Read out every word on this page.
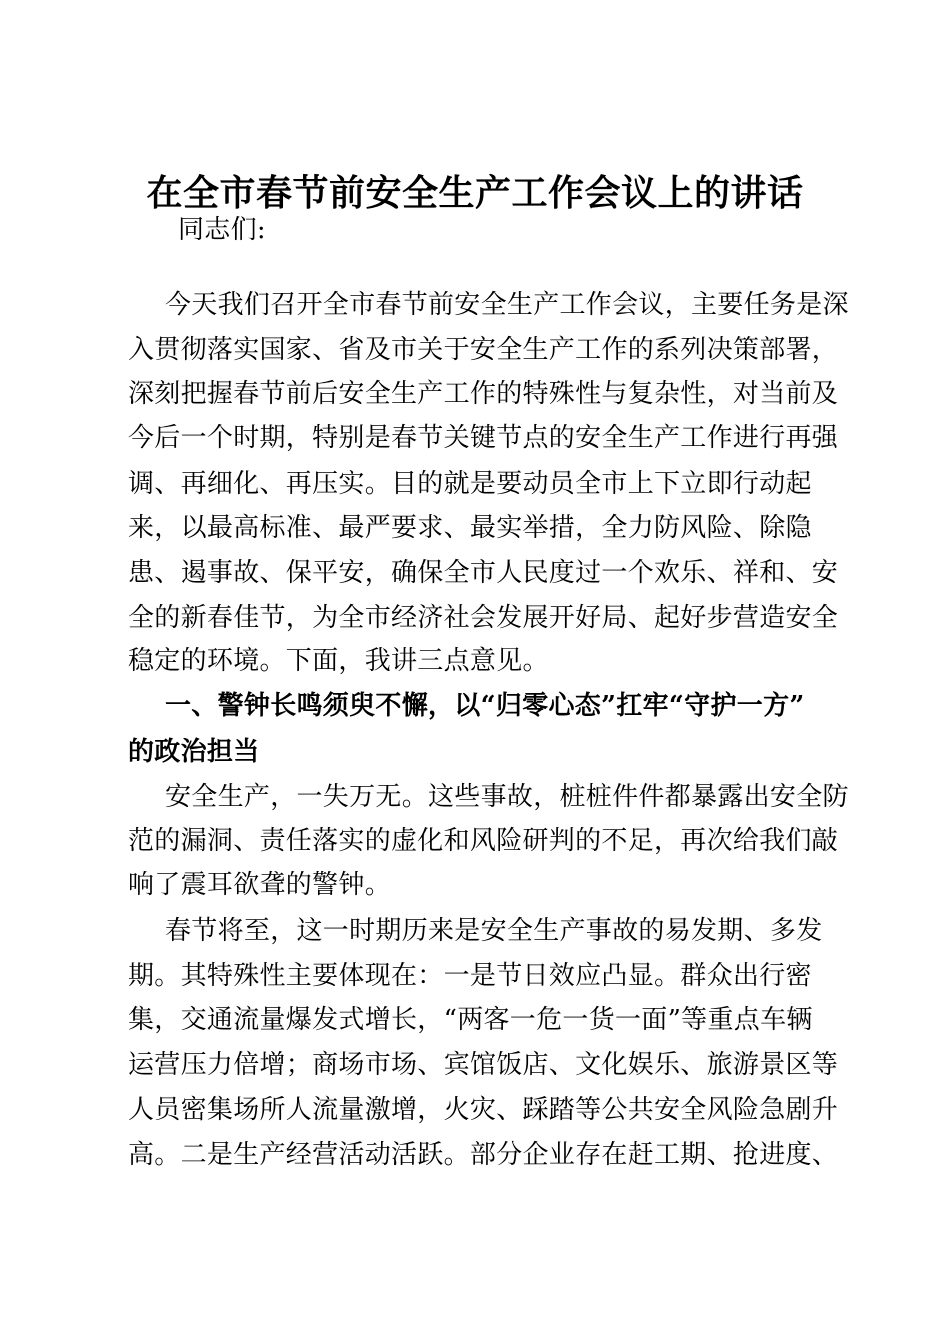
在全市春节前安全生产工作会议上的讲话
同志们:
今天我们召开全市春节前安全生产工作会议，主要任务是深
入贯彻落实国家、省及市关于安全生产工作的系列决策部署，
深刻把握春节前后安全生产工作的特殊性与复杂性，对当前及
今后一个时期，特别是春节关键节点的安全生产工作进行再强
调、再细化、再压实。目的就是要动员全市上下立即行动起
来，以最高标准、最严要求、最实举措，全力防风险、除隐
患、遏事故、保平安，确保全市人民度过一个欢乐、祥和、安
全的新春佳节，为全市经济社会发展开好局、起好步营造安全
稳定的环境。下面，我讲三点意见。
一、警钟长鸣须臾不懈，以“归零心态”扛牢“守护一方”
的政治担当
安全生产，一失万无。这些事故，桩桩件件都暴露出安全防
范的漏洞、责任落实的虚化和风险研判的不足，再次给我们敲
响了震耳欲聋的警钟。
春节将至，这一时期历来是安全生产事故的易发期、多发
期。其特殊性主要体现在：一是节日效应凸显。群众出行密
集，交通流量爆发式增长，“两客一危一货一面”等重点车辆
运营压力倍增；商场市场、宾馆饭店、文化娱乐、旅游景区等
人员密集场所人流量激增，火灾、踩踏等公共安全风险急剧升
高。二是生产经营活动活跃。部分企业存在赶工期、抢进度、
